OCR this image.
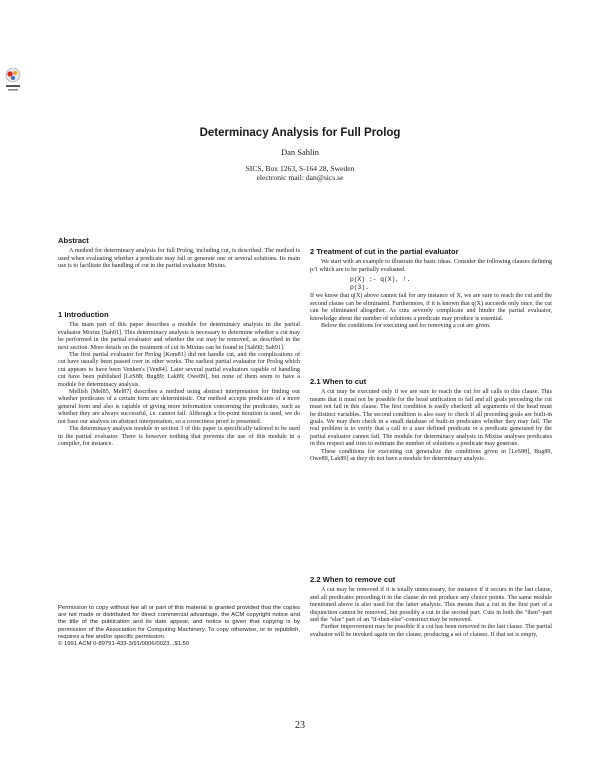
Determinacy Analysis for Full Prolog
Dan Sahlin
SICS, Box 1263, S-164 28, Sweden
electronic mail: dan@sics.se
Abstract

A method for determinacy analysis for full Prolog, including cut, is described. The method is used when evaluating whether a predicate may fail or generate one or several solutions. Its main use is to facilitate the handling of cut in the partial evaluator Mixtus.

1 Introduction

The main part of this paper describes a module for determinacy analysis in the partial evaluator Mixtus [Sah91]. This determinacy analysis is necessary to determine whether a cut may be performed in the partial evaluator and whether the cut may be removed, as described in the next section. More details on the treatment of cut in Mixtus can be found in [Sah90; Sah91].

The first partial evaluator for Prolog [Kom81] did not handle cut, and the complications of cut have usually been passed over in other works. The earliest partial evaluator for Prolog which cut appears to have been Venken's [Ven84]. Later several partial evaluators capable of handling cut have been published [LeS88; Bug89; Lak89; Owe89], but none of them seem to have a module for determinacy analysis.

Mellish [Mel85, Mel87] describes a method using abstract interpretation for finding out whether predicates of a certain form are deterministic. Our method accepts predicates of a more general form and also is capable of giving more information concerning the predicates, such as whether they are always successful, i.e. cannot fail. Although a fix-point iteration is used, we do not base our analysis on abstract interpretation, so a correctness proof is presented.

The determinacy analysis module in section 3 of this paper is specifically tailored to be used in the partial evaluator. There is however nothing that prevents the use of this module in a compiler, for instance.

Permission to copy without fee all or part of this material is granted provided that the copies are not made or distributed for direct commercial advantage, the ACM copyright notice and the title of the publication and its date appear, and notice is given that copying is by permission of the Association for Computing Machinery. To copy otherwise, or to republish, requires a fee and/or specific permission.

© 1991 ACM 0-89791-433-3/91/0006/0023...$1.50

2 Treatment of cut in the partial evaluator

We start with an example to illustrate the basic ideas. Consider the following clauses defining p/1 which are to be partially evaluated.

p(X) :- q(X), !.

p(3).

If we know that q(X) above cannot fail for any instance of X, we are sure to reach the cut and the second clause can be eliminated. Furthermore, if it is known that q(X) succeeds only once, the cut can be eliminated altogether. As cuts severely complicate and hinder the partial evaluator, knowledge about the number of solutions a predicate may produce is essential.

Below the conditions for executing and for removing a cut are given.

2.1 When to cut

A cut may be executed only if we are sure to reach the cut for all calls to this clause. This means that it must not be possible for the head unification to fail and all goals preceding the cut must not fail in this clause. The first condition is easily checked: all arguments of the head must be distinct variables. The second condition is also easy to check if all preceding goals are built-in goals. We may then check in a small database of built-in predicates whether they may fail. The real problem is to verify that a call to a user defined predicate or a predicate generated by the partial evaluator cannot fail. The module for determinacy analysis in Mixtus analyses predicates in this respect and tries to estimate the number of solutions a predicate may generate.

These conditions for executing cut generalize the conditions given in [LeS88], Bug89, Owe89, Lak89] as they do not have a module for determinacy analysis.

2.2 When to remove cut

A cut may be removed if it is totally unnecessary, for instance if it occurs in the last clause, and all predicates preceding it in the clause do not produce any choice points. The same module mentioned above is also used for the latter analysis. This means that a cut in the first part of a disjunction cannot be removed, but possibly a cut in the second part. Cuts in both the "then"-part and the "else" part of an "if-then-else"-construct may be removed.

Further improvement may be possible if a cut has been removed in the last clause. The partial evaluator will be invoked again on the clause, producing a set of clauses. If that set is empty,

23
